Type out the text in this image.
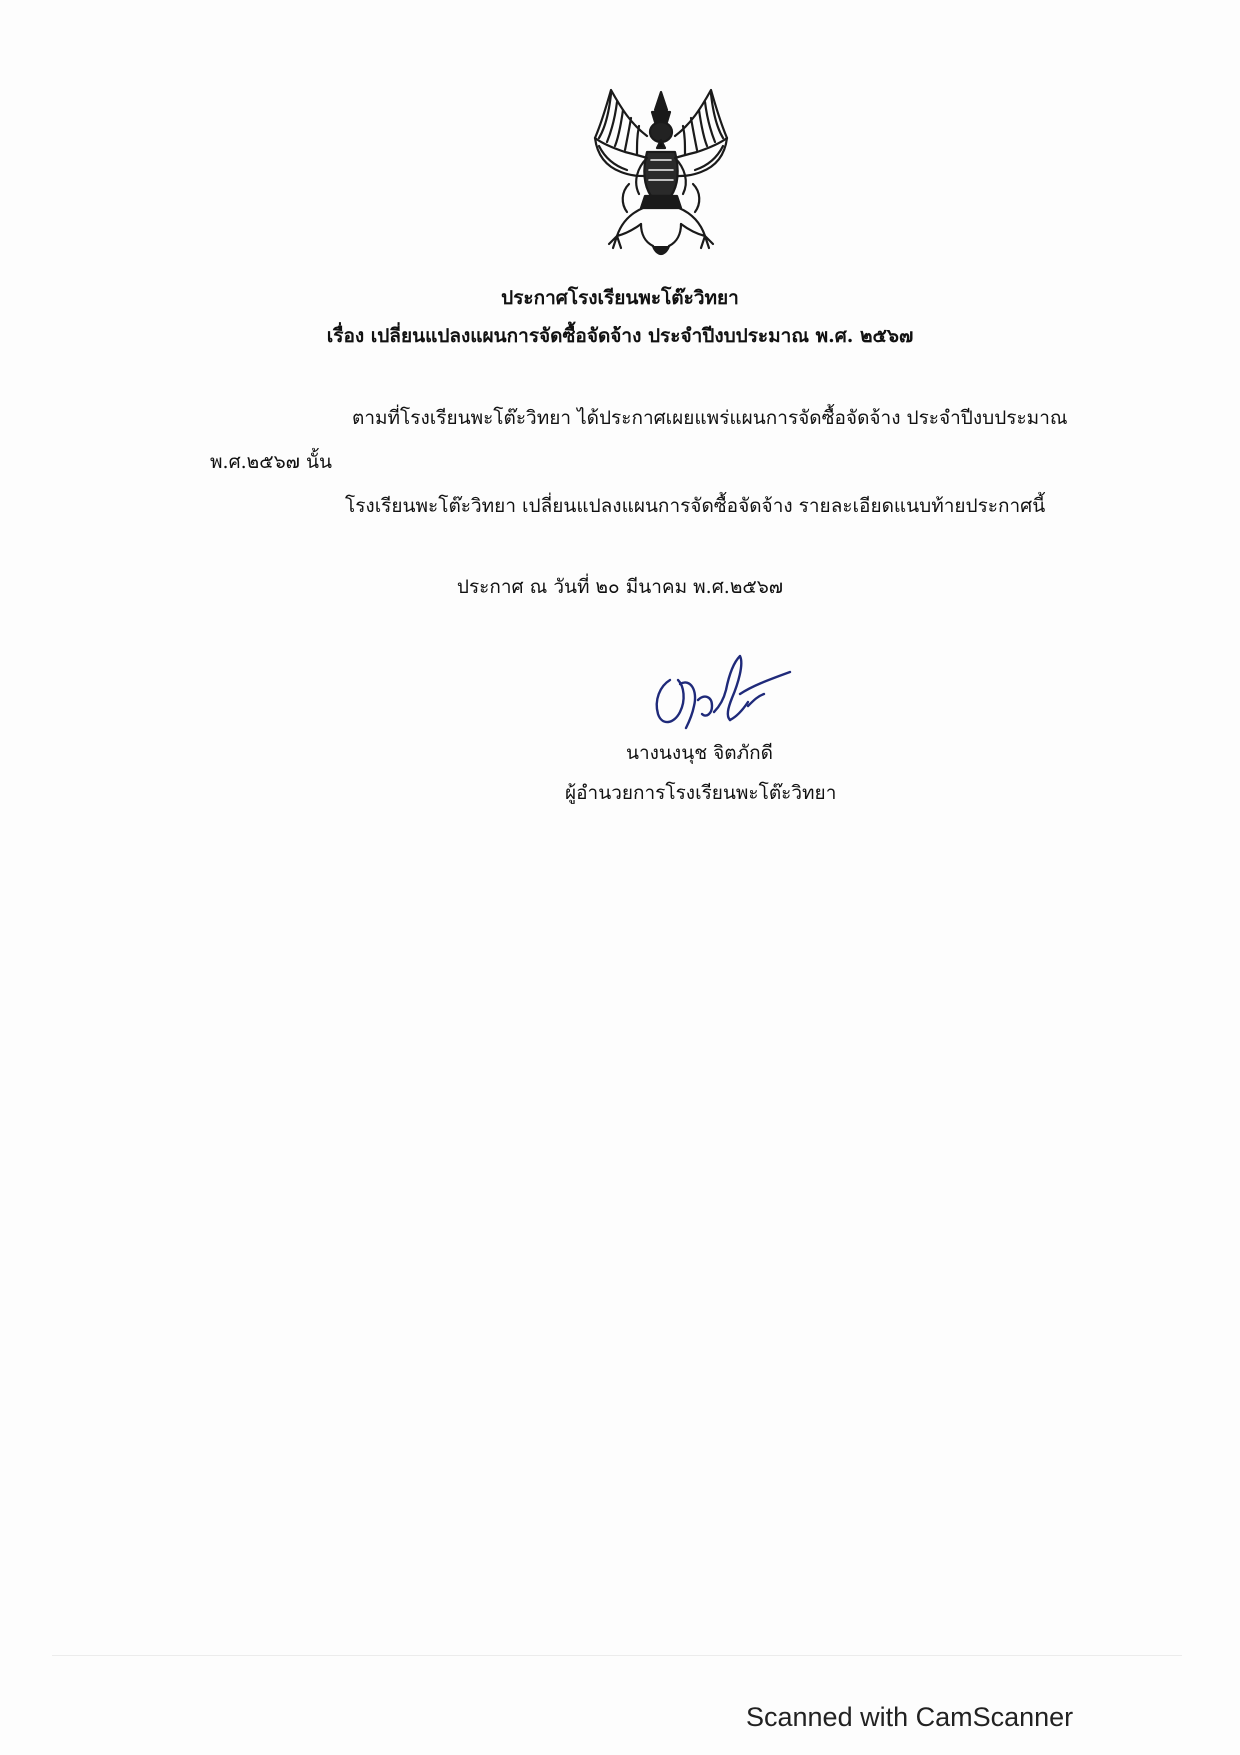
ประกาศโรงเรียนพะโต๊ะวิทยา
เรื่อง เปลี่ยนแปลงแผนการจัดซื้อจัดจ้าง ประจำปีงบประมาณ พ.ศ. ๒๕๖๗
ตามที่โรงเรียนพะโต๊ะวิทยา ได้ประกาศเผยแพร่แผนการจัดซื้อจัดจ้าง ประจำปีงบประมาณ
พ.ศ.๒๕๖๗ นั้น
โรงเรียนพะโต๊ะวิทยา เปลี่ยนแปลงแผนการจัดซื้อจัดจ้าง รายละเอียดแนบท้ายประกาศนี้
ประกาศ ณ วันที่ ๒๐ มีนาคม พ.ศ.๒๕๖๗
นางนงนุช จิตภักดี
ผู้อำนวยการโรงเรียนพะโต๊ะวิทยา
Scanned with CamScanner
